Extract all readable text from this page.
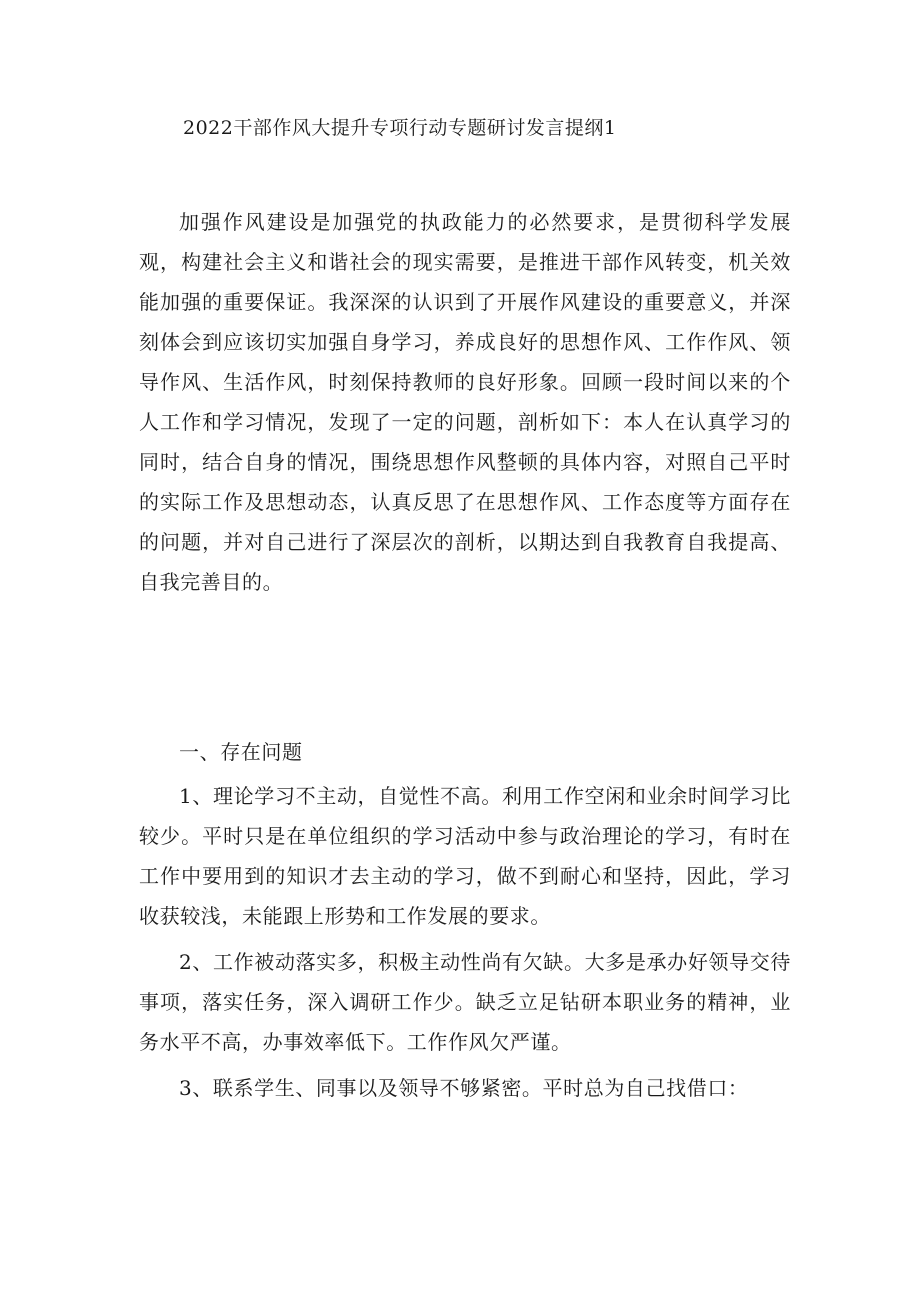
2022干部作风大提升专项行动专题研讨发言提纲1

加强作风建设是加强党的执政能力的必然要求，是贯彻科学发展观，构建社会主义和谐社会的现实需要，是推进干部作风转变，机关效能加强的重要保证。我深深的认识到了开展作风建设的重要意义，并深刻体会到应该切实加强自身学习，养成良好的思想作风、工作作风、领导作风、生活作风，时刻保持教师的良好形象。回顾一段时间以来的个人工作和学习情况，发现了一定的问题，剖析如下：本人在认真学习的同时，结合自身的情况，围绕思想作风整顿的具体内容，对照自己平时的实际工作及思想动态，认真反思了在思想作风、工作态度等方面存在的问题，并对自己进行了深层次的剖析，以期达到自我教育自我提高、自我完善目的。

一、存在问题

1、理论学习不主动，自觉性不高。利用工作空闲和业余时间学习比较少。平时只是在单位组织的学习活动中参与政治理论的学习，有时在工作中要用到的知识才去主动的学习，做不到耐心和坚持，因此，学习收获较浅，未能跟上形势和工作发展的要求。

2、工作被动落实多，积极主动性尚有欠缺。大多是承办好领导交待事项，落实任务，深入调研工作少。缺乏立足钻研本职业务的精神，业务水平不高，办事效率低下。工作作风欠严谨。

3、联系学生、同事以及领导不够紧密。平时总为自己找借口：
